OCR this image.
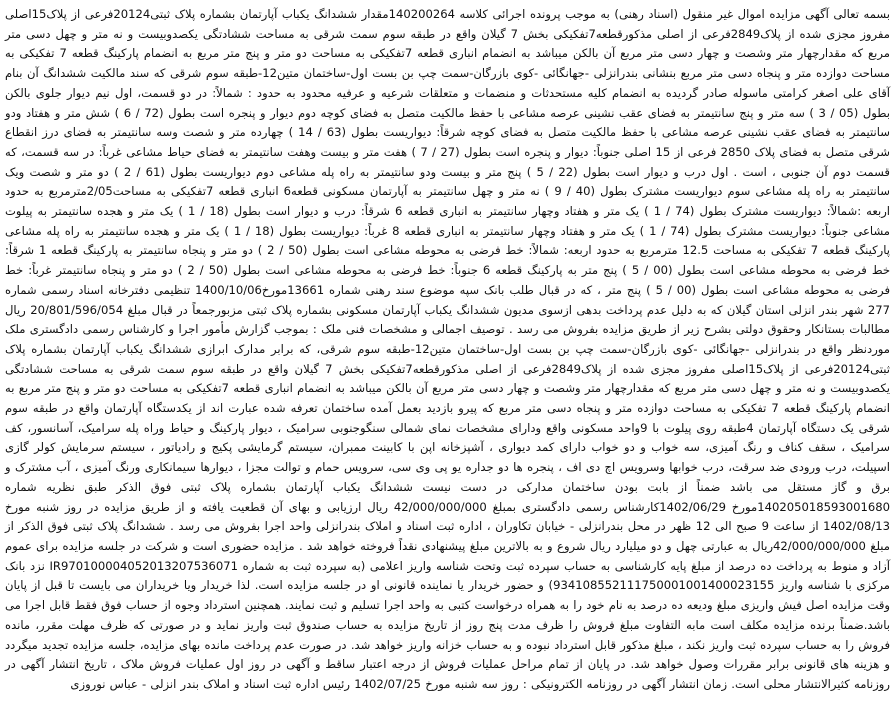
بسمه تعالی آگهی مزایده اموال غیر منقول (اسناد رهنی) به موجب پرونده اجرائی کلاسه 140200264مقدار ششدانگ یکباب آپارتمان بشماره پلاک ثبتی20124فرعی از پلاک15اصلی مفروز مجزی شده از پلاک2849فرعی از اصلی مذکورقطعه7تفکیکی بخش 7 گیلان واقع در طبقه سوم سمت شرقی به مساحت ششادتگی یکصدوبیست و نه متر و چهل دسی متر مربع که مقدارچهار متر وشصت و چهار دسی متر مربع آن بالکن میباشد به انضمام انباری قطعه 7تفکیکی به مساحت دو متر و پنج متر مربع به انضمام پارکینگ قطعه 7 تفکیکی به مساحت دوازده متر و پنجاه دسی متر مربع بنشانی بندرانزلی -جهانگائی -کوی بازرگان-سمت چپ بن بست اول-ساختمان متین12-طبقه سوم شرقی که سند مالکیت ششدانگ آن بنام آقای علی اصغر کرامتی ماسوله صادر گردیده به انضمام کلیه مستحدثات و منضمات و متعلقات شرعیه و عرفیه محدود به حدود : شمالاً: در دو قسمت، اول نیم دیوار جلوی بالکن بطول (05 / 3 ) سه متر و پنج سانتیمتر به فضای عقب نشینی عرصه مشاعی با حفظ مالکیت متصل به فضای کوچه دوم دیوار و پنجره است بطول (72 / 6 ) شش متر و هفتاد ودو سانتیمتر به فضای عقب نشینی عرصه مشاعی با حفظ مالکیت متصل به فضای کوچه شرقاً: دیواریست بطول (63 / 14 ) چهارده متر و شصت وسه سانتیمتر به فضای درز انقطاع شرقی متصل به فضای پلاک 2850 فرعی از 15 اصلی جنوباً: دیوار و پنجره است بطول (27 / 7 ) هفت متر و بیست وهفت سانتیمتر به فضای حیاط مشاعی غرباً: در سه قسمت، که قسمت دوم آن جنوبی ، است . اول درب و دیوار است بطول (22 / 5 ) پنج متر و بیست ودو سانتیمتر به راه پله مشاعی دوم دیواریست بطول (61 / 2 ) دو متر و شصت ویک سانتیمتر به راه پله مشاعی سوم دیواریست مشترک بطول (40 / 9 ) نه متر و چهل سانتیمتر به آپارتمان مسکونی قطعه6 انباری قطعه 7تفکیکی به مساحت2/05مترمربع به حدود اربعه :شمالاً: دیواریست مشترک بطول (74 / 1 ) یک متر و هفتاد وچهار سانتیمتر به انباری قطعه 6 شرقاً: درب و دیوار است بطول (18 / 1 ) یک متر و هجده سانتیمتر به پیلوت مشاعی جنوباً: دیواریست مشترک بطول (74 / 1 ) یک متر و هفتاد وچهار سانتیمتر به انباری قطعه 8 غرباً: دیواریست بطول (18 / 1 ) یک متر و هجده سانتیمتر به راه پله مشاعی پارکینگ قطعه 7 تفکیکی به مساحت 12.5 مترمربع به حدود اربعه: شمالاً: خط فرضی به محوطه مشاعی است بطول (50 / 2 ) دو متر و پنجاه سانتیمتر به پارکینگ قطعه 1 شرقاً: خط فرضی به محوطه مشاعی است بطول (00 / 5 ) پنج متر به پارکینگ قطعه 6 جنوباً: خط فرضی به محوطه مشاعی است بطول (50 / 2 ) دو متر و پنجاه سانتیمتر غرباً: خط فرضی به محوطه مشاعی است بطول (00 / 5 ) پنج متر ، که در قبال طلب بانک سپه موضوع سند رهنی شماره 13661مورخ1400/10/06 تنظیمی دفترخانه اسناد رسمی شماره 277 شهر بندر انزلی استان گیلان که به دلیل عدم پرداخت بدهی ازسوی مدیون ششدانگ یکباب آپارتمان مسکونی بشماره پلاک ثبتی مزبورجمعاً در قبال مبلغ 20/801/596/054 ریال مطالبات بستانکار وحقوق دولتی بشرح زیر از طریق مزایده بفروش می رسد . توصیف اجمالی و مشخصات فنی ملک : بموجب گزارش مأمور اجرا و کارشناس رسمی دادگستری ملک موردنظر واقع در بندرانزلی -جهانگائی -کوی بازرگان-سمت چپ بن بست اول-ساختمان متین12-طبقه سوم شرقی، که برابر مدارک ابرازی ششدانگ یکباب آپارتمان بشماره پلاک ثبتی20124فرعی از پلاک15اصلی مفروز مجزی شده از پلاک2849فرعی از اصلی مذکورقطعه7تفکیکی بخش 7 گیلان واقع در طبقه سوم سمت شرقی به مساحت ششادتگی یکصدوبیست و نه متر و چهل دسی متر مربع که مقدارچهار متر وشصت و چهار دسی متر مربع آن بالکن میباشد به انضمام انباری قطعه 7تفکیکی به مساحت دو متر و پنج متر مربع به انضمام پارکینگ قطعه 7 تفکیکی به مساحت دوازده متر و پنجاه دسی متر مربع که پیرو بازدید بعمل آمده ساختمان تعرفه شده عبارت اند از یکدستگاه آپارتمان واقع در طبقه سوم شرقی یک دستگاه آپارتمان 4طبقه روی پیلوت با 9واحد مسکونی واقع ودارای مشخصات نمای شمالی سنگوجنوبی سرامیک ، دیوار پارکینگ و حیاط وراه پله سرامیک، آسانسور، کف سرامیک ، سقف کناف و رنگ آمیزی، سه خواب و دو خواب دارای کمد دیواری ، آشپزخانه اپن با کابینت ممبران، سیستم گرمایشی پکیج و رادیاتور ، سیستم سرمایش کولر گازی اسپیلت، درب ورودی ضد سرقت، درب خوابها وسرویس اچ دی اف ، پنجره ها دو جداره یو پی وی سی، سرویس حمام و توالت مجزا ، دیوارها سیمانکاری ورنگ آمیزی ، آب مشترک و برق و گاز مستقل می باشد ضمناً از بابت بودن ساختمان مدارکی در دست نیست ششدانگ یکباب آپارتمان بشماره پلاک ثبتی فوق الذکر طبق نظریه شماره 140205018593001680مورخ 1402/06/29کارشناس رسمی دادگستری بمبلغ 42/000/000/000 ریال ارزیابی و بهای آن قطعیت یافته و از طریق مزایده در روز شنبه مورخ 1402/08/13 از ساعت 9 صبح الی 12 ظهر در محل بندرانزلی - خیابان تکاوران ، اداره ثبت اسناد و املاک بندرانزلی واحد اجرا بفروش می رسد . ششدانگ پلاک ثبتی فوق الذکر از مبلغ 42/000/000/000ریال به عبارتی چهل و دو میلیارد ریال شروع و به بالاترین مبلغ پیشنهادی نقداً فروخته خواهد شد . مزایده حضوری است و شرکت در جلسه مزایده برای عموم آزاد و منوط به پرداخت ده درصد از مبلغ پایه کارشناسی به حساب سپرده ثبت وتحت شناسه واریز اعلامی (به سپرده ثبت به شماره IR970100004052013207536071 نزد بانک مرکزی با شناسه واریز 934108552111750001001400023155) و حضور خریدار یا نماینده قانونی او در جلسه مزایده است. لذا خریدار ویا خریداران می بایست تا قبل از پایان وقت مزایده اصل فیش واریزی مبلغ ودیعه ده درصد به نام خود را به همراه درخواست کتبی به واحد اجرا تسلیم و ثبت نمایند. همچنین استرداد وجوه از حساب فوق فقط قابل اجرا می باشد.ضمناً برنده مزایده مکلف است مابه التفاوت مبلغ فروش را ظرف مدت پنج روز از تاریخ مزایده به حساب صندوق ثبت واریز نماید و در صورتی که ظرف مهلت مقرر، مانده فروش را به حساب سپرده ثبت واریز نکند ، مبلغ مذکور قابل استرداد نبوده و به حساب خزانه واریز خواهد شد. در صورت عدم پرداخت مانده بهای مزایده، جلسه مزایده تجدید میگردد و هزینه های قانونی برابر مقررات وصول خواهد شد. در پایان از تمام مراحل عملیات فروش از درجه اعتبار ساقط و آگهی در روز اول عملیات فروش ملاک ، تاریخ انتشار آگهی در روزنامه کثیرالانتشار محلی است. زمان انتشار آگهی در روزنامه الکترونیکی : روز سه شنبه مورخ 1402/07/25 رئیس اداره ثبت اسناد و املاک بندر انزلی - عباس نوروزی
